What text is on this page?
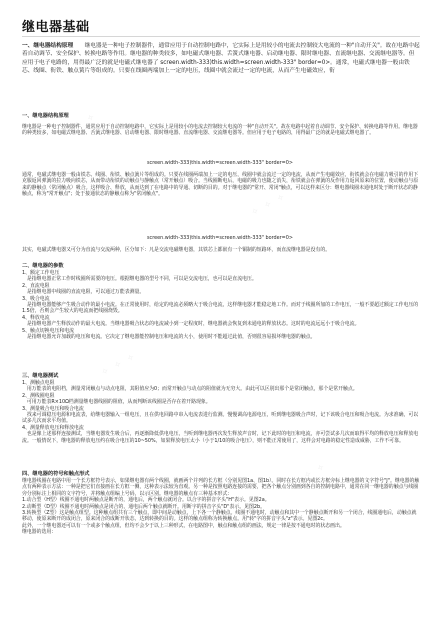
✧ ✧ ✧
✧ ✧ ✧
✧ ✧ ✧
✧ ✧ ✧
继电器基础

一、继电器结构原理　　 继电器是一种电子控制器件，通常应用于自动控制电路中，它实际上是用较小的电流去控制较大电流的一种"自动开关"。故在电路中起着自动调节、安全保护、转换电路等作用。继电器的种类较多，如电磁式继电器、舌簧式继电器、启动继电器、限时继电器、直流继电器、交流继电器等。但应用于电子电路的，用得最广泛的就是电磁式继电器了 screen.width-333)this.width=screen.width-333" border=0>。通常，电磁式继电器一般由铁芯、线圈、衔铁、触点簧片等组成的。只要在线圈两端加上一定的电压，线圈中就会流过一定的电流，从而产生电磁效应，衔

一、继电器结构原理

继电器是一种电子控制器件，通常应用于自动控制电路中，它实际上是用较小的电流去控制较大电流的一种"自动开关"。故在电路中起着自动调节、安全保护、转换电路等作用。继电器的种类较多，如电磁式继电器、舌簧式继电器、启动继电器、限时继电器、直流继电器、交流继电器等。但应用于电子电路的，用得最广泛的就是电磁式继电器了。

screen.width-333)this.width=screen.width-333" border=0>

通常，电磁式继电器一般由铁芯、线圈、衔铁、触点簧片等组成的。只要在线圈两端加上一定的电压，线圈中就会流过一定的电流，从而产生电磁效应，衔铁就会在电磁力吸引的作用下克服返回弹簧的拉力吸向铁芯，从而带动衔铁的动触点与静触点（常开触点）吸合。当线圈断电后，电磁的吸力也随之消失，衔铁就会在弹簧的反作用力返回原来的位置，使动触点与原来的静触点（常闭触点）吸合。这样吸合、释放，从而达到了在电路中的导通、切断的目的。对于继电器的"常开、常闭"触点，可以这样来区分：继电器线圈未通电时处于断开状态的静触点，称为"常开触点"；处于接通状态的静触点称为"常闭触点"。

screen.width-333)this.width=screen.width-333" border=0>

其实，电磁式继电器又可分为直流与交流两种，区分如下：凡是交流电磁继电器，其铁芯上都嵌有一个铜制的短路环，而直流继电器是没有的。

二、继电器的参数

1、额定工作电压
　是指继电器正常工作时线圈所需要的电压。根据继电器的型号不同，可以是交流电压，也可以是直流电压。
2、直流电阻
　是指继电器中线圈的直流电阻，可以通过万能表测量。
3、吸合电流
　是指继电器能够产生吸合动作的最小电流。在正常使用时，给定的电流必须略大于吸合电流，这样继电器才能稳定地工作。而对于线圈所加的工作电压，一般不要超过额定工作电压的1.5倍，否则会产生较大的电流而把线圈烧毁。
4、释放电流
　是指继电器产生释放动作的最大电流。当继电器吸合状态的电流减小到一定程度时，继电器就会恢复到未通电的释放状态。这时的电流远远小于吸合电流。
5、触点切换电压和电流
　是指继电器允许加载的电压和电流。它决定了继电器能控制电压和电流的大小，使用时不能超过此值，否则很容易损坏继电器的触点。

三、继电器测试

1、测触点电阻
　用万能表的电阻档，测量常闭触点与动点电阻，其阻值应为0；而常开触点与动点的阻值就为无穷大。由此可以区别出那个是常闭触点，那个是常开触点。
2、测线圈电阻
　可用万能表R×10Ω档测量继电器线圈的阻值，从而判断该线圈是否存在着开路现象。
3、测量吸合电压和吸合电流
　找来可调稳压电源和电流表，给继电器输入一组电压，且在供电回路中串入电流表进行监测。慢慢调高电源电压，听到继电器吸合声时，记下该吸合电压和吸合电流。为求准确，可以试多几次而求平均值。
4、测量释放电压和释放电流
　也是像上述那样连接测试，当继电器发生吸合后，再逐渐降低供电电压，当听到继电器再次发生释放声音时，记下此时的电压和电流，亦可尝试多几次而取得平均的释放电压和释放电流。一般情况下，继电器的释放电压约在吸合电压的10~50%，如果释放电压太小（小于1/10的吸合电压），则不能正常使用了，这样会对电路的稳定性造成威胁，工作不可靠。

四、继电器的符号和触点形式

继电器线圈在电路中用一个长方框符号表示，如果继电器有两个线圈，就画两个并列的长方框（分别见图1a、图1b）。同时在长方框内或长方框旁标上继电器的文字符号"J"。继电器的触点有两种表示方法：一种是把它们直接画在长方框一侧，这种表示法较为直观。另一种是按照电路连接的需要，把各个触点分别画到各自的控制电路中，通常在同一继电器的触点与线圈旁分别标注上相同的文字符号，并将触点组编上号码，以示区别。继电器的触点有三种基本形式：
1.动合型（H型）线圈不通电时两触点是断开的，通电后，两个触点就闭合。以合字的拼音字头"H"表示。见图2a。
2.动断型（D型）线圈不通电时两触点是闭合的，通电后两个触点就断开。用断字的拼音字头"D"表示。见图2b。
3.转换型（Z型）这是触点组型。这种触点组共有三个触点，即中间是动触点，上下各一个静触点。线圈不通电时，动触点和其中一个静触点断开和另一个闭合，线圈通电后，动触点就移动，使原来断开的成闭合，原来闭合的成断开状态，达到转换的目的。这样的触点组称为转换触点。用"转"字的拼音字头"z"表示。见图2c。
此外，一个继电器还可以有一个或多个触点组，但均不会少于以上三种形式，在电路图中，触点和触点组的画法，规定一律是按不通电时的状态画出。
继电器的选用：
